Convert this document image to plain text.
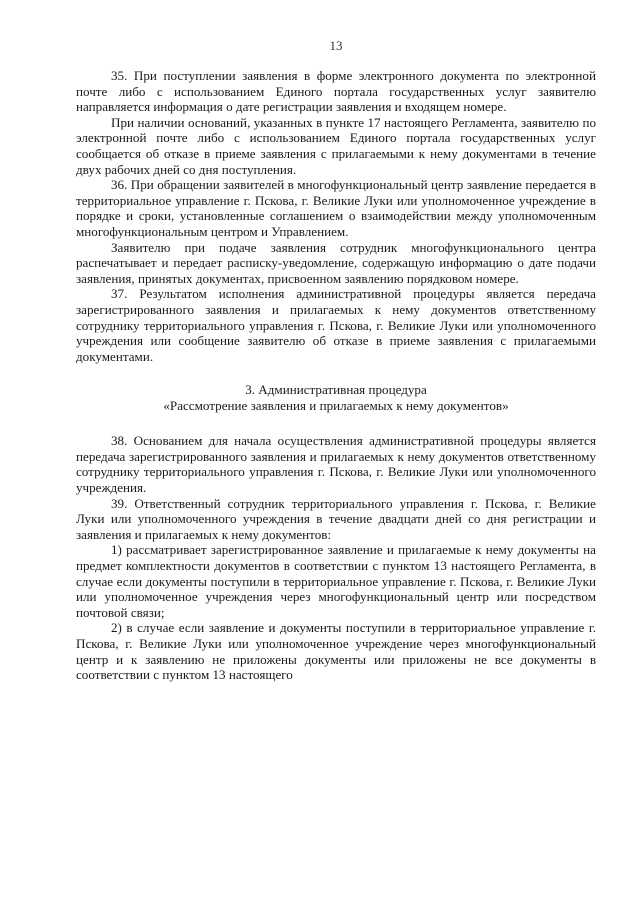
13

35. При поступлении заявления в форме электронного документа по электронной почте либо с использованием Единого портала государственных услуг заявителю направляется информация о дате регистрации заявления и входящем номере.

При наличии оснований, указанных в пункте 17 настоящего Регламента, заявителю по электронной почте либо с использованием Единого портала государственных услуг сообщается об отказе в приеме заявления с прилагаемыми к нему документами в течение двух рабочих дней со дня поступления.

36. При обращении заявителей в многофункциональный центр заявление передается в территориальное управление г. Пскова, г. Великие Луки или уполномоченное учреждение в порядке и сроки, установленные соглашением о взаимодействии между уполномоченным многофункциональным центром и Управлением.

Заявителю при подаче заявления сотрудник многофункционального центра распечатывает и передает расписку-уведомление, содержащую информацию о дате подачи заявления, принятых документах, присвоенном заявлению порядковом номере.

37. Результатом исполнения административной процедуры является передача зарегистрированного заявления и прилагаемых к нему документов ответственному сотруднику территориального управления г. Пскова, г. Великие Луки или уполномоченного учреждения или сообщение заявителю об отказе в приеме заявления с прилагаемыми документами.

3. Административная процедура
«Рассмотрение заявления и прилагаемых к нему документов»

38. Основанием для начала осуществления административной процедуры является передача зарегистрированного заявления и прилагаемых к нему документов ответственному сотруднику территориального управления г. Пскова, г. Великие Луки или уполномоченного учреждения.

39. Ответственный сотрудник территориального управления г. Пскова, г. Великие Луки или уполномоченного учреждения в течение двадцати дней со дня регистрации и заявления и прилагаемых к нему документов:

1) рассматривает зарегистрированное заявление и прилагаемые к нему документы на предмет комплектности документов в соответствии с пунктом 13 настоящего Регламента, в случае если документы поступили в территориальное управление г. Пскова, г. Великие Луки или уполномоченное учреждения через многофункциональный центр или посредством почтовой связи;

2) в случае если заявление и документы поступили в территориальное управление г. Пскова, г. Великие Луки или уполномоченное учреждение через многофункциональный центр и к заявлению не приложены документы или приложены не все документы в соответствии с пунктом 13 настоящего
